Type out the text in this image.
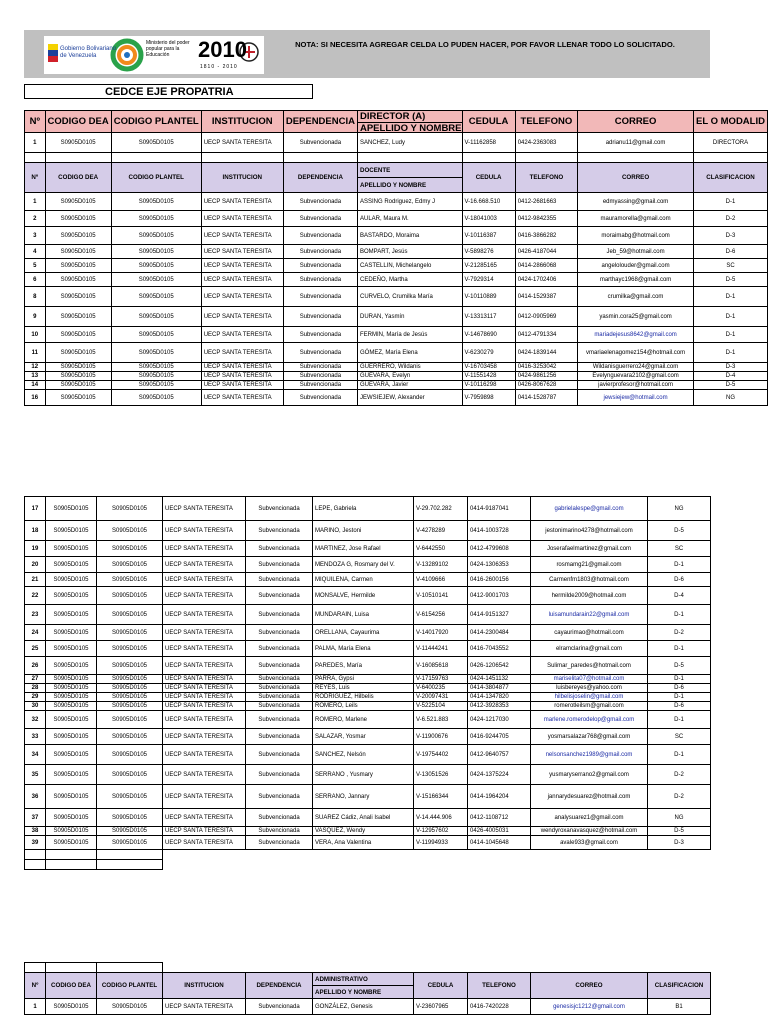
Gobierno Bolivariano
de Venezuela
Ministerio del poder popular para la Educación	2010
1810 - 2010
NOTA: SI NECESITA AGREGAR CELDA LO PUDEN HACER, POR FAVOR LLENAR TODO LO SOLICITADO.
CEDCE EJE PROPATRIA
Nº	CODIGO DEA	CODIGO PLANTEL	INSTITUCION	DEPENDENCIA	DIRECTOR (A)
APELLIDO Y NOMBRE	CEDULA	TELEFONO	CORREO	EL O MODALID
1	S0905D0105	S0905D0105	UECP SANTA TERESITA	Subvencionada	SANCHEZ, Ludy	V-11162858	0424-2363083	adrianu11@gmail.com	DIRECTORA

Nº	CODIGO DEA	CODIGO PLANTEL	INSTITUCION	DEPENDENCIA	DOCENTE
APELLIDO Y NOMBRE	CEDULA	TELEFONO	CORREO	CLASIFICACION
1	S0905D0105	S0905D0105	UECP SANTA TERESITA	Subvencionada	ASSING Rodriguez, Edmy J	V-16.668.510	0412-2681663	edmyassing@gmail.com	D-1
2	S0905D0105	S0905D0105	UECP SANTA TERESITA	Subvencionada	AULAR, Maura M.	V-18041003	0412-9842355	mauramorella@gmail.com	D-2
3	S0905D0105	S0905D0105	UECP SANTA TERESITA	Subvencionada	BASTARDO, Moraima	V-10116387	0416-3866282	moraimabg@hotmail.com	D-3
4	S0905D0105	S0905D0105	UECP SANTA TERESITA	Subvencionada	BOMPART, Jesús	V-5898276	0426-4187044	Jeb_59@hotmail.com	D-6
5	S0905D0105	S0905D0105	UECP SANTA TERESITA	Subvencionada	CASTELLIN, Michelangelo	V-21285165	0414-2866068	angelolouder@gmail.com	SC
6	S0905D0105	S0905D0105	UECP SANTA TERESITA	Subvencionada	CEDEÑO, Martha	V-7929314	0424-1702406	marthayc1968@gmail.com	D-5
8	S0905D0105	S0905D0105	UECP SANTA TERESITA	Subvencionada	CURVELO, Crumilka María	V-10110889	0414-1529387	crumilka@gmail.com	D-1
9	S0905D0105	S0905D0105	UECP SANTA TERESITA	Subvencionada	DURAN, Yasmín	V-13313117	0412-0905969	yasmin.cora25@gmail.com	D-1
10	S0905D0105	S0905D0105	UECP SANTA TERESITA	Subvencionada	FERMIN, María de Jesús	V-14678690	0412-4791334	mariadejesus8642@gmail.com	D-1
11	S0905D0105	S0905D0105	UECP SANTA TERESITA	Subvencionada	GÓMEZ, María Elena	V-6230279	0424-1839144	vmariaelenagomez154@hotmail.com	D-1
12	S0905D0105	S0905D0105	UECP SANTA TERESITA	Subvencionada	GUERRERO, Wildanis	V-16703458	0416-3253042	Wildanisguerrero24@gmail.com	D-3
13	S0905D0105	S0905D0105	UECP SANTA TERESITA	Subvencionada	GUEVARA, Evelyn	V-11551428	0424-9861256	Evelynguevara2102@gmail.com	D-4
14	S0905D0105	S0905D0105	UECP SANTA TERESITA	Subvencionada	GUEVARA, Javier	V-10116298	0426-8067628	javierprofesor@hotmail.com	D-5
16	S0905D0105	S0905D0105	UECP SANTA TERESITA	Subvencionada	JEWSIEJEW, Alexander	V-7959898	0414-1528787	jewsiejew@hotmail.com	NG
17	S0905D0105	S0905D0105	UECP SANTA TERESITA	Subvencionada	LEPE, Gabriela	V-29.702.282	0414-9187041	gabrielalespe@gmail.com	NG
18	S0905D0105	S0905D0105	UECP SANTA TERESITA	Subvencionada	MARINO, Jestoni	V-4278289	0414-1003728	jestonimarino4278@hotmail.com	D-5
19	S0905D0105	S0905D0105	UECP SANTA TERESITA	Subvencionada	MARTINEZ, Jose Rafael	V-6442550	0412-4799608	Joserafaelmartinez@gmail.com	SC
20	S0905D0105	S0905D0105	UECP SANTA TERESITA	Subvencionada	MENDOZA G, Rosmary del V.	V-13289102	0424-1306353	rosmamg21@gmail.com	D-1
21	S0905D0105	S0905D0105	UECP SANTA TERESITA	Subvencionada	MIQUILENA, Carmen	V-4109666	0416-2600156	Carmenfm1803@hotmail.com	D-6
22	S0905D0105	S0905D0105	UECP SANTA TERESITA	Subvencionada	MONSALVE, Hermilde	V-10510141	0412-9001703	hermilde2009@hotmail.com	D-4
23	S0905D0105	S0905D0105	UECP SANTA TERESITA	Subvencionada	MUNDARAIN, Luisa	V-6154256	0414-9151327	luisamundarain22@gmail.com	D-1
24	S0905D0105	S0905D0105	UECP SANTA TERESITA	Subvencionada	ORELLANA, Cayaurima	V-14017920	0414-2300484	cayaurimao@hotmail.com	D-2
25	S0905D0105	S0905D0105	UECP SANTA TERESITA	Subvencionada	PALMA, María Elena	V-11444241	0416-7043552	elramclarina@gmail.com	D-1
26	S0905D0105	S0905D0105	UECP SANTA TERESITA	Subvencionada	PAREDES, María	V-16085618	0426-1206542	Sulimar_paredes@hotmail.com	D-5
27	S0905D0105	S0905D0105	UECP SANTA TERESITA	Subvencionada	PARRA, Gypsi	V-17159763	0424-1451132	mariselita07@hotmail.com	D-1
28	S0905D0105	S0905D0105	UECP SANTA TERESITA	Subvencionada	REYES, Luis	V-6400235	0414-3804877	luisbereyes@yahoo.com	D-6
29	S0905D0105	S0905D0105	UECP SANTA TERESITA	Subvencionada	RODRIGUEZ, Hilbelis	V-20097431	0414-1347820	hilbelisjoselin@gmail.com	D-1
30	S0905D0105	S0905D0105	UECP SANTA TERESITA	Subvencionada	ROMERO, Leils	V-5225104	0412-3928353	romerotleilsm@gmail.com	D-6
32	S0905D0105	S0905D0105	UECP SANTA TERESITA	Subvencionada	ROMERO, Marlene	V-6.521.883	0424-1217030	marlene.romerodelop@gmail.com	D-1
33	S0905D0105	S0905D0105	UECP SANTA TERESITA	Subvencionada	SALAZAR, Yosmar	V-11900676	0416-9244705	yosmarsalazar768@gmail.com	SC
34	S0905D0105	S0905D0105	UECP SANTA TERESITA	Subvencionada	SANCHEZ, Nelsón	V-19754402	0412-9640757	nelsonsanchez1989@gmail.com	D-1
35	S0905D0105	S0905D0105	UECP SANTA TERESITA	Subvencionada	SERRANO , Yusmary	V-13051526	0424-1375224	yusmaryserrano2@gmail.com	D-2
36	S0905D0105	S0905D0105	UECP SANTA TERESITA	Subvencionada	SERRANO, Jannary	V-15166344	0414-1964204	jannarydesuarez@hotmail.com	D-2
37	S0905D0105	S0905D0105	UECP SANTA TERESITA	Subvencionada	SUAREZ Cádiz, Anali Isabel	V-14.444.906	0412-1108712	analysuarez1@gmail.com	NG
38	S0905D0105	S0905D0105	UECP SANTA TERESITA	Subvencionada	VASQUEZ, Wendy	V-12957602	0426-4005031	wendyroxanavasquez@hotmail.com	D-5
39	S0905D0105	S0905D0105	UECP SANTA TERESITA	Subvencionada	VERA, Ana Valentina	V-11994933	0414-1045648	avale933@gmail.com	D-3

Nº	CODIGO DEA	CODIGO PLANTEL	INSTITUCION	DEPENDENCIA	ADMINISTRATIVO
APELLIDO Y NOMBRE	CEDULA	TELEFONO	CORREO	CLASIFICACION
1	S0905D0105	S0905D0105	UECP SANTA TERESITA	Subvencionada	GONZÁLEZ, Genesis	V-23607965	0416-7420228	genesisjc1212@gmail.com	B1
